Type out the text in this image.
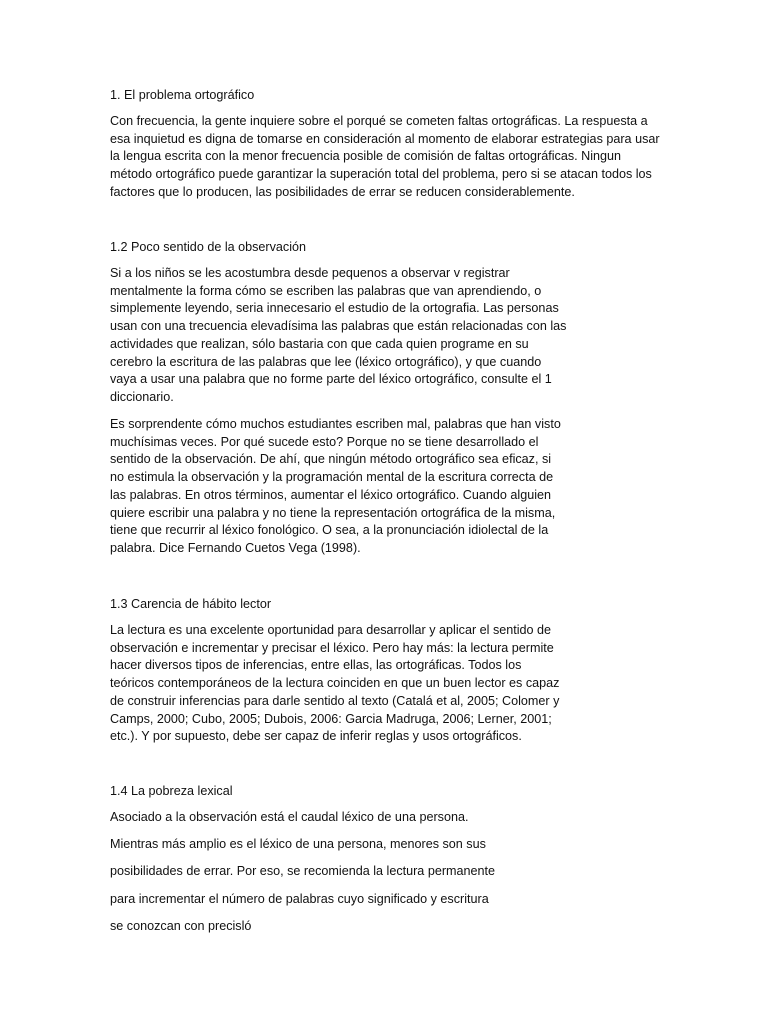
1. El problema ortográfico
Con frecuencia, la gente inquiere sobre el porqué se cometen faltas ortográficas. La respuesta a
esa inquietud es digna de tomarse en consideración al momento de elaborar estrategias para usar
la lengua escrita con la menor frecuencia posible de comisión de faltas ortográficas. Ningun
método ortográfico puede garantizar la superación total del problema, pero si se atacan todos los
factores que lo producen, las posibilidades de errar se reducen considerablemente.
1.2 Poco sentido de la observación
Si a los niños se les acostumbra desde pequenos a observar v registrar
mentalmente la forma cómo se escriben las palabras que van aprendiendo, o
simplemente leyendo, seria innecesario el estudio de la ortografia. Las personas
usan con una trecuencia elevadísima las palabras que están relacionadas con las
actividades que realizan, sólo bastaria con que cada quien programe en su
cerebro la escritura de las palabras que lee (léxico ortográfico), y que cuando
vaya a usar una palabra que no forme parte del léxico ortográfico, consulte el 1
diccionario.
Es sorprendente cómo muchos estudiantes escriben mal, palabras que han visto
muchísimas veces. Por qué sucede esto? Porque no se tiene desarrollado el
sentido de la observación. De ahí, que ningún método ortográfico sea eficaz, si
no estimula la observación y la programación mental de la escritura correcta de
las palabras. En otros términos, aumentar el léxico ortográfico. Cuando alguien
quiere escribir una palabra y no tiene la representación ortográfica de la misma,
tiene que recurrir al léxico fonológico. O sea, a la pronunciación idiolectal de la
palabra. Dice Fernando Cuetos Vega (1998).
1.3 Carencia de hábito lector
La lectura es una excelente oportunidad para desarrollar y aplicar el sentido de
observación e incrementar y precisar el léxico. Pero hay más: la lectura permite
hacer diversos tipos de inferencias, entre ellas, las ortográficas. Todos los
teóricos contemporáneos de la lectura coinciden en que un buen lector es capaz
de construir inferencias para darle sentido al texto (Catalá et al, 2005; Colomer y
Camps, 2000; Cubo, 2005; Dubois, 2006: Garcia Madruga, 2006; Lerner, 2001;
etc.). Y por supuesto, debe ser capaz de inferir reglas y usos ortográficos.
1.4 La pobreza lexical
Asociado a la observación está el caudal léxico de una persona.
Mientras más amplio es el léxico de una persona, menores son sus
posibilidades de errar. Por eso, se recomienda la lectura permanente
para incrementar el número de palabras cuyo significado y escritura
se conozcan con precisló
